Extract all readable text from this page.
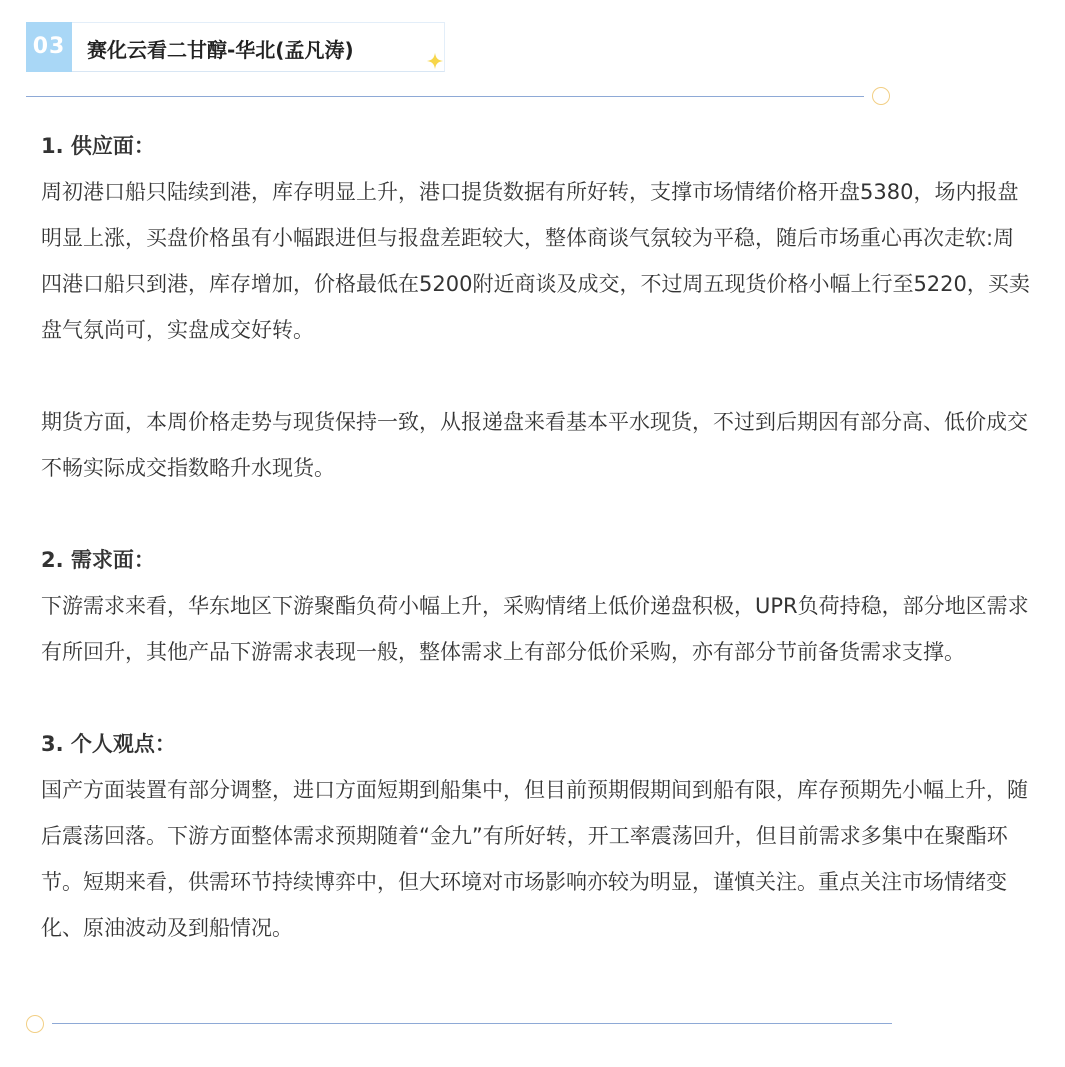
03	赛化云看二甘醇-华北(孟凡涛)

1. 供应面：

周初港口船只陆续到港，库存明显上升，港口提货数据有所好转，支撑市场情绪价格开盘5380，场内报盘明显上涨，买盘价格虽有小幅跟进但与报盘差距较大，整体商谈气氛较为平稳，随后市场重心再次走软:周四港口船只到港，库存增加，价格最低在5200附近商谈及成交，不过周五现货价格小幅上行至5220，买卖盘气氛尚可，实盘成交好转。

期货方面，本周价格走势与现货保持一致，从报递盘来看基本平水现货，不过到后期因有部分高、低价成交不畅实际成交指数略升水现货。

2. 需求面：

下游需求来看，华东地区下游聚酯负荷小幅上升，采购情绪上低价递盘积极，UPR负荷持稳，部分地区需求有所回升，其他产品下游需求表现一般，整体需求上有部分低价采购，亦有部分节前备货需求支撑。

3. 个人观点：

国产方面装置有部分调整，进口方面短期到船集中，但目前预期假期间到船有限，库存预期先小幅上升，随后震荡回落。下游方面整体需求预期随着“金九”有所好转，开工率震荡回升，但目前需求多集中在聚酯环节。短期来看，供需环节持续博弈中，但大环境对市场影响亦较为明显，谨慎关注。重点关注市场情绪变化、原油波动及到船情况。
